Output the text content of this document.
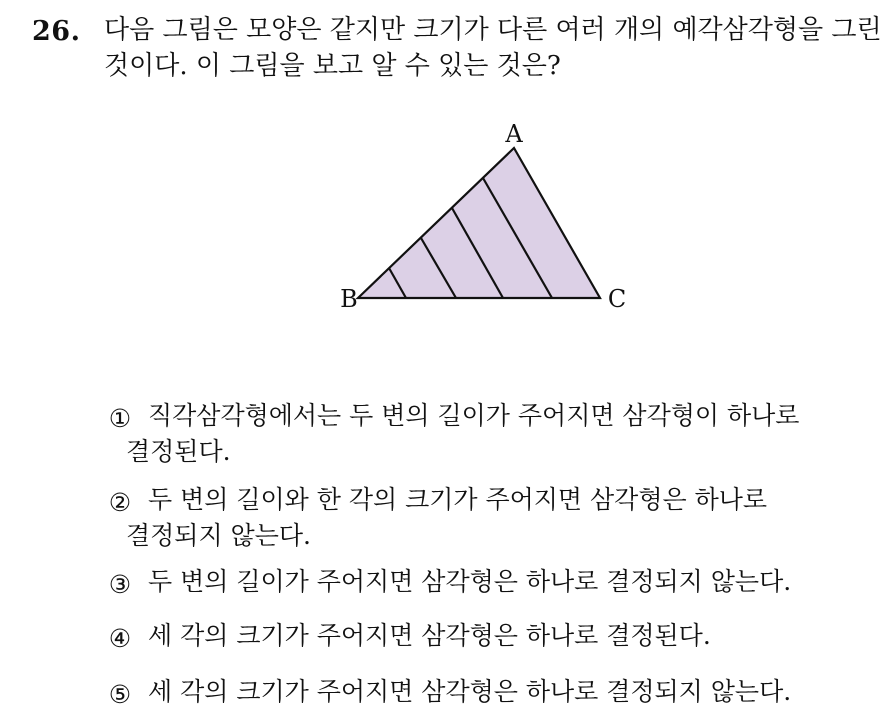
26. 다음 그림은 모양은 같지만 크기가 다른 여러 개의 예각삼각형을 그린
것이다. 이 그림을 보고 알 수 있는 것은?
A
B	C
① 직각삼각형에서는 두 변의 길이가 주어지면 삼각형이 하나로
결정된다.
② 두 변의 길이와 한 각의 크기가 주어지면 삼각형은 하나로
결정되지 않는다.
③ 두 변의 길이가 주어지면 삼각형은 하나로 결정되지 않는다.
④ 세 각의 크기가 주어지면 삼각형은 하나로 결정된다.
⑤ 세 각의 크기가 주어지면 삼각형은 하나로 결정되지 않는다.
